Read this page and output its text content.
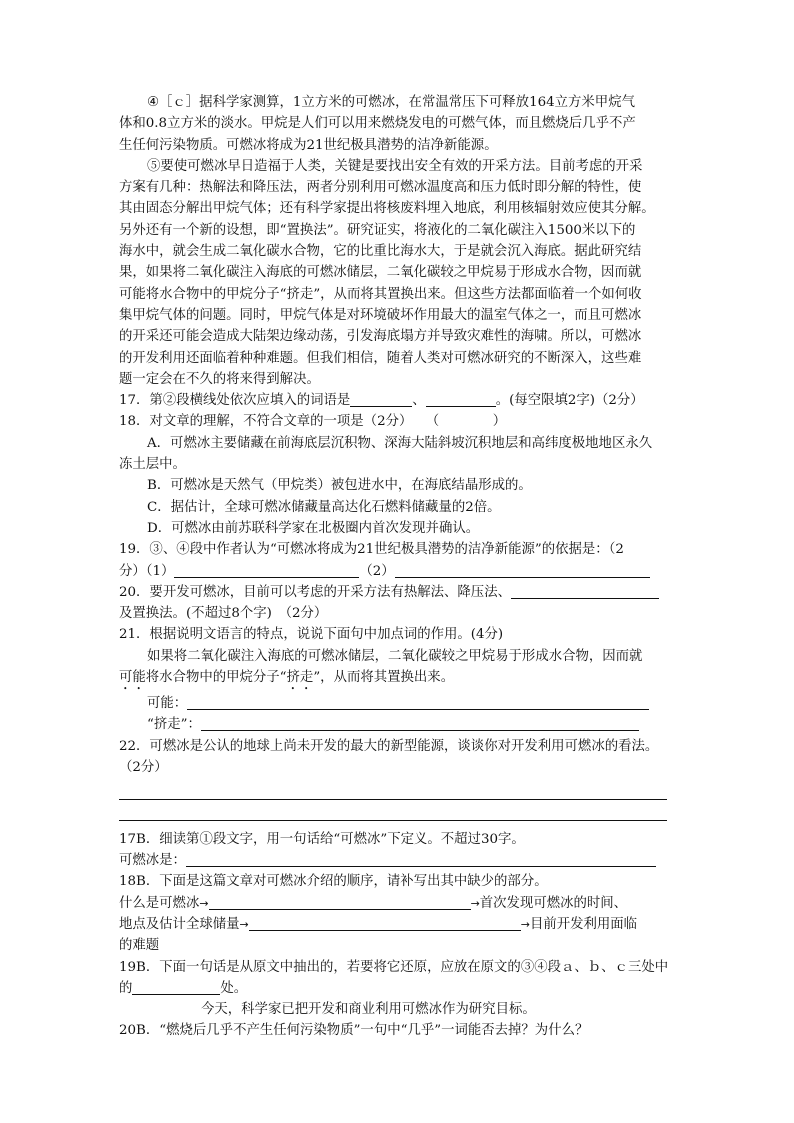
④［ｃ］据科学家测算，1立方米的可燃冰，在常温常压下可释放164立方米甲烷气
体和0.8立方米的淡水。甲烷是人们可以用来燃烧发电的可燃气体，而且燃烧后几乎不产
生任何污染物质。可燃冰将成为21世纪极具潜势的洁净新能源。
⑤要使可燃冰早日造福于人类，关键是要找出安全有效的开采方法。目前考虑的开采
方案有几种：热解法和降压法，两者分别利用可燃冰温度高和压力低时即分解的特性，使
其由固态分解出甲烷气体；还有科学家提出将核废料埋入地底，利用核辐射效应使其分解。
另外还有一个新的设想，即“置换法”。研究证实，将液化的二氧化碳注入1500米以下的
海水中，就会生成二氧化碳水合物，它的比重比海水大，于是就会沉入海底。据此研究结
果，如果将二氧化碳注入海底的可燃冰储层，二氧化碳较之甲烷易于形成水合物，因而就
可能将水合物中的甲烷分子“挤走”，从而将其置换出来。但这些方法都面临着一个如何收
集甲烷气体的问题。同时，甲烷气体是对环境破坏作用最大的温室气体之一，而且可燃冰
的开采还可能会造成大陆架边缘动荡，引发海底塌方并导致灾难性的海啸。所以，可燃冰
的开发利用还面临着种种难题。但我们相信，随着人类对可燃冰研究的不断深入，这些难
题一定会在不久的将来得到解决。
17．第②段横线处依次应填入的词语是	、	。(每空限填2字)（2分）
18．对文章的理解，不符合文章的一项是（2分）　　（　　　　）
A．可燃冰主要储藏在前海底层沉积物、深海大陆斜坡沉积地层和高纬度极地地区永久
冻土层中。
B．可燃冰是天然气（甲烷类）被包进水中，在海底结晶形成的。
C．据估计，全球可燃冰储藏量高达化石燃料储藏量的2倍。
D．可燃冰由前苏联科学家在北极圈内首次发现并确认。
19．③、④段中作者认为“可燃冰将成为21世纪极具潜势的洁净新能源”的依据是：（2
分）（1）	（2）
20．要开发可燃冰，目前可以考虑的开采方法有热解法、降压法、
及置换法。(不超过8个字)　（2分）
21．根据说明文语言的特点，说说下面句中加点词的作用。(4分)
如果将二氧化碳注入海底的可燃冰储层，二氧化碳较之甲烷易于形成水合物，因而就
可能将水合物中的甲烷分子“挤走”，从而将其置换出来。
可能：
“挤走”：
22．可燃冰是公认的地球上尚未开发的最大的新型能源，谈谈你对开发利用可燃冰的看法。
（2分）
17B．细读第①段文字，用一句话给“可燃冰”下定义。不超过30字。
可燃冰是：
18B．下面是这篇文章对可燃冰介绍的顺序，请补写出其中缺少的部分。
什么是可燃冰→	→首次发现可燃冰的时间、
地点及估计全球储量→	→目前开发利用面临
的难题
19B．下面一句话是从原文中抽出的，若要将它还原，应放在原文的③④段ａ、ｂ、ｃ三处中
的	处。
今天，科学家已把开发和商业利用可燃冰作为研究目标。
20B．“燃烧后几乎不产生任何污染物质”一句中“几乎”一词能否去掉？为什么？
